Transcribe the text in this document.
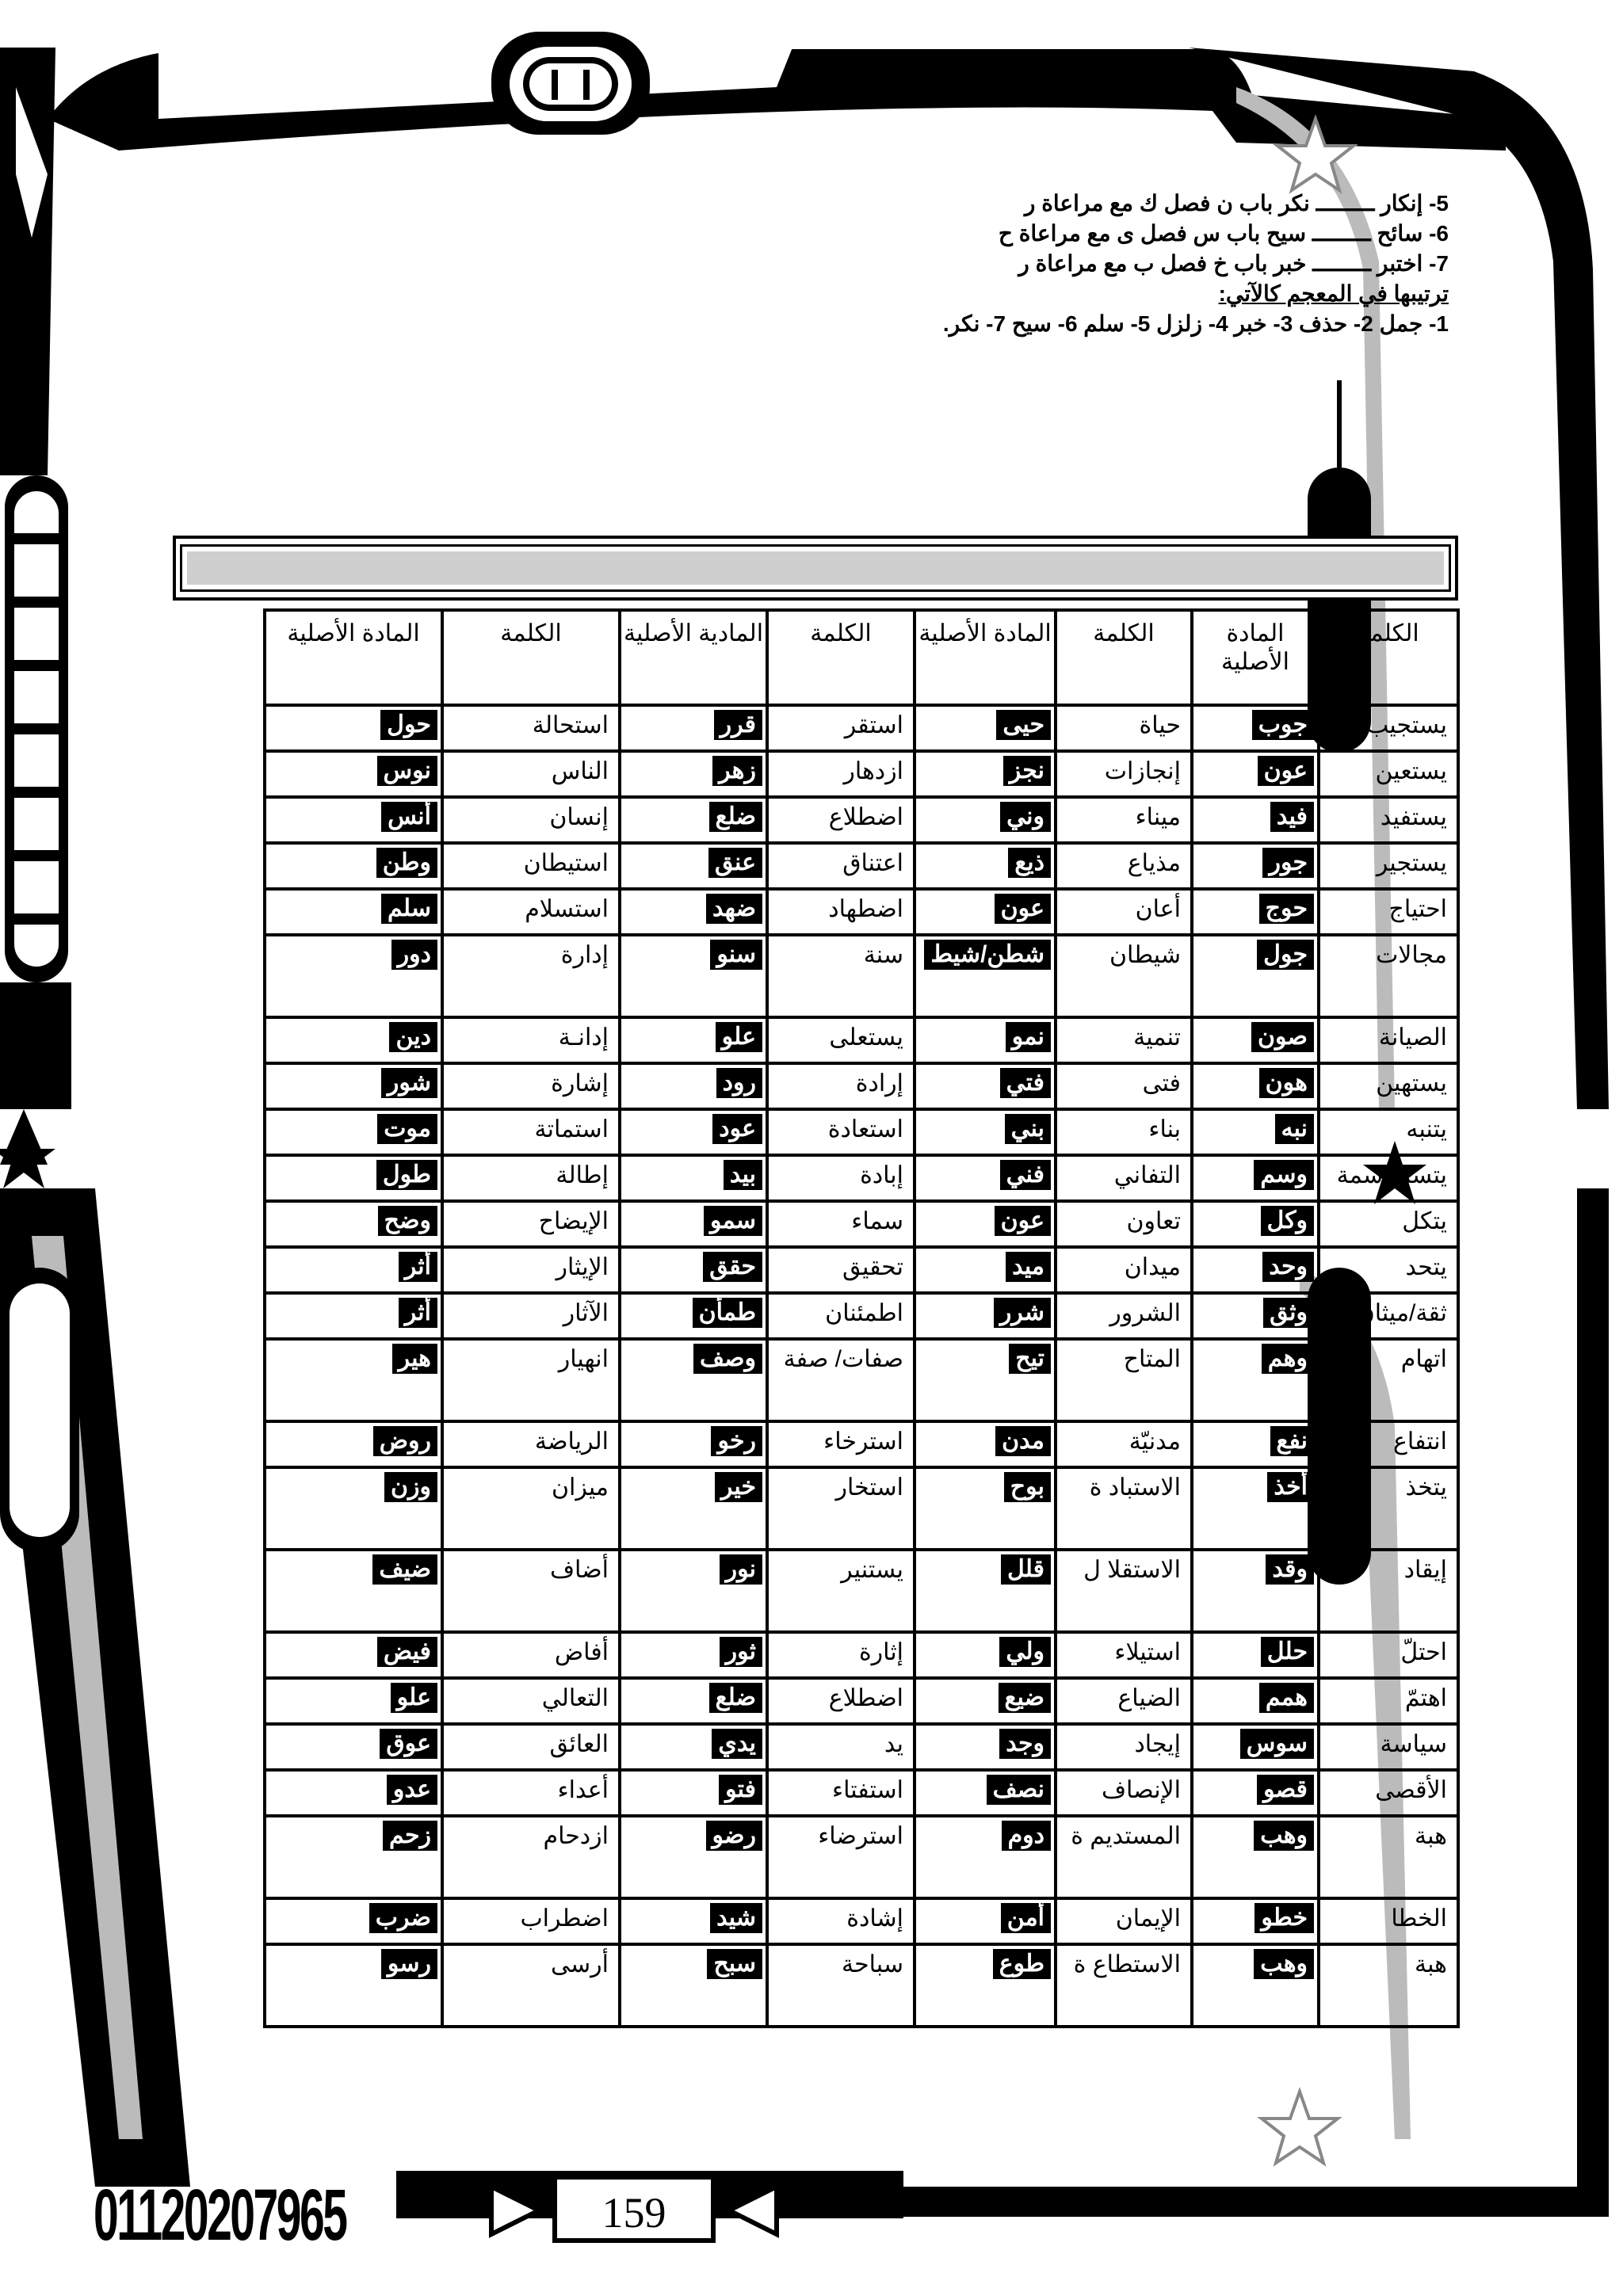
5- إنكار ـــــــــ نكر باب ن فصل ك مع مراعاة ر
6- سائح ـــــــــ سيح باب س فصل ى مع مراعاة ح
7- اختبر ـــــــــ خبر باب خ فصل ب مع مراعاة ر
ترتيبها في المعجم كالآتي:
1- جمل 2- حذف 3- خبر 4- زلزل 5- سلم 6- سيح 7- نكر.
الكلمة	المادة الأصلية	الكلمة	المادة الأصلية	الكلمة	المادية الأصلية	الكلمة	المادة الأصلية
يستجيب	جوب	حياة	حيى	استقر	قرر	استحالة	حول
يستعين	عون	إنجازات	نجز	ازدهار	زهر	الناس	نوس
يستفيد	فيد	ميناء	وني	اضطلاع	ضلع	إنسان	أنس
يستجير	جور	مذياع	ذيع	اعتناق	عنق	استيطان	وطن
احتياج	حوج	أعان	عون	اضطهاد	ضهد	استسلام	سلم
مجالات	جول	شيطان	شطن/شيط	سنة	سنو	إدارة	دور
الصيانة	صون	تنمية	نمو	يستعلى	علو	إدانـة	دين
يستهين	هون	فتى	فتي	إرادة	رود	إشارة	شور
يتنبه	نبه	بناء	بني	استعادة	عود	استماتة	موت
يتسم/ سمة	وسم	التفاني	فني	إبادة	بيد	إطالة	طول
يتكل	وكل	تعاون	عون	سماء	سمو	الإيضاح	وضح
يتحد	وحد	ميدان	ميد	تحقيق	حقق	الإيثار	أثر
ثقة/ميثاق	وثق	الشرور	شرر	اطمئنان	طمأن	الآثار	أثر
اتهام	وهم	المتاح	تيح	صفات/ صفة	وصف	انهيار	هير
انتفاع	نفع	مدنيّة	مدن	استرخاء	رخو	الرياضة	روض
يتخذ	أخذ	الاستباد ة	بوح	استخار	خير	ميزان	وزن
إيقاد	وقد	الاستقلا ل	قلل	يستنير	نور	أضاف	ضيف
احتلّ	حلل	استيلاء	ولي	إثارة	ثور	أفاض	فيض
اهتمّ	همم	الضياع	ضيع	اضطلاع	ضلع	التعالي	علو
سياسة	سوس	إيجاد	وجد	يد	يدي	العائق	عوق
الأقصى	قصو	الإنصاف	نصف	استفتاء	فتو	أعداء	عدو
هبة	وهب	المستديم ة	دوم	استرضاء	رضو	ازدحام	زحم
الخطا	خطو	الإيمان	أمن	إشادة	شيد	اضطراب	ضرب
هبة	وهب	الاستطاع ة	طوع	سباحة	سبح	أرسى	رسو
159
01120207965
